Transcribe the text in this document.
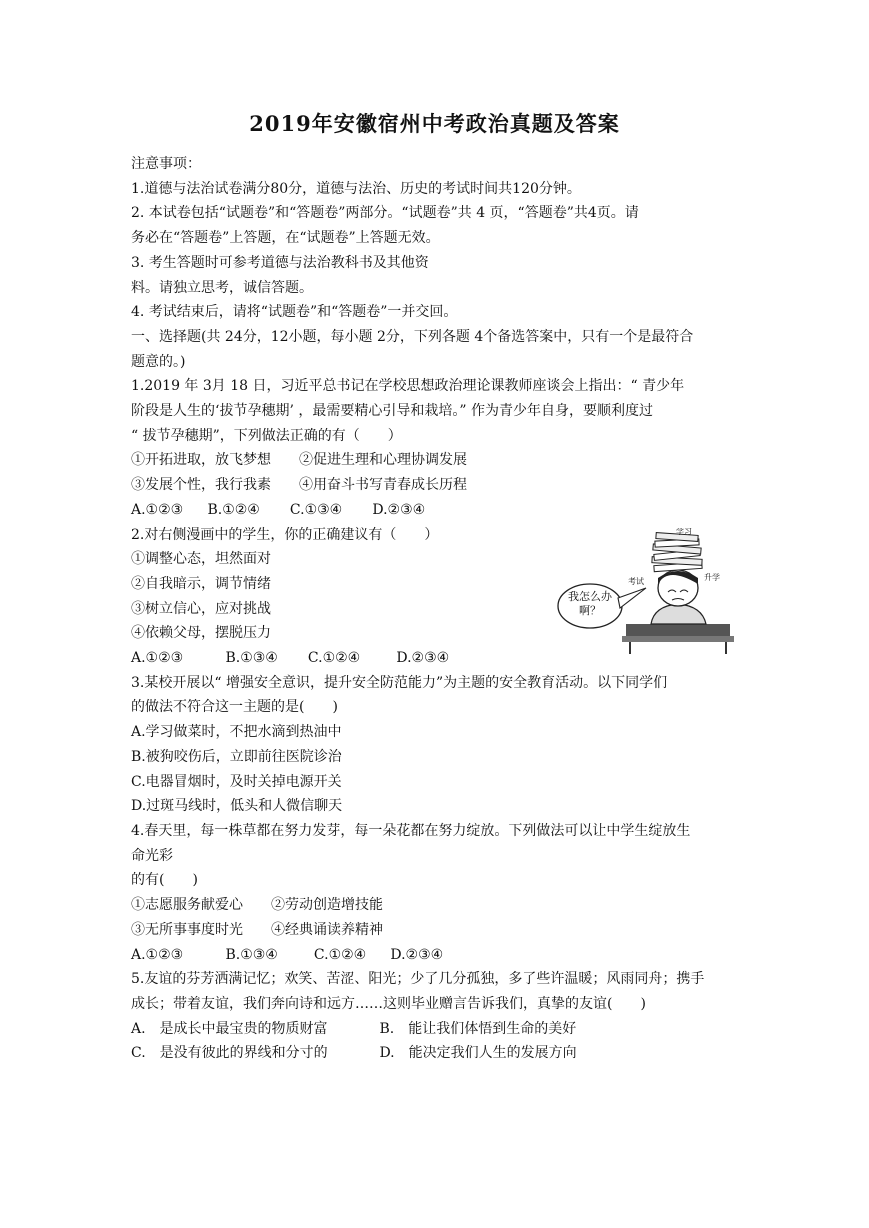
2019年安徽宿州中考政治真题及答案
注意事项：
1.道德与法治试卷满分80分，道德与法治、历史的考试时间共120分钟。
2. 本试卷包括“试题卷”和“答题卷”两部分。“试题卷”共 4 页，“答题卷”共4页。请
务必在“答题卷”上答题，在“试题卷”上答题无效。
3. 考生答题时可参考道德与法治教科书及其他资
料。请独立思考，诚信答题。
4. 考试结束后，请将“试题卷”和“答题卷”一并交回。
一、选择题(共 24分，12小题，每小题 2分，下列各题 4个备选答案中，只有一个是最符合
题意的。)
1.2019 年 3月 18 日，习近平总书记在学校思想政治理论课教师座谈会上指出：“ 青少年
阶段是人生的‘拔节孕穗期’ ，最需要精心引导和栽培。” 作为青少年自身，要顺利度过
“ 拔节孕穗期”，下列做法正确的有（　　）
①开拓进取，放飞梦想　　②促进生理和心理协调发展
③发展个性，我行我素　　④用奋斗书写青春成长历程
A.①②③ B.①②④ C.①③④ D.②③④
2.对右侧漫画中的学生，你的正确建议有（　　）
①调整心态，坦然面对
②自我暗示，调节情绪
③树立信心，应对挑战
④依赖父母，摆脱压力
A.①②③	B.①③④ C.①②④	D.②③④
3.某校开展以“ 增强安全意识，提升安全防范能力”为主题的安全教育活动。以下同学们
的做法不符合这一主题的是(　　)
A.学习做菜时，不把水滴到热油中
B.被狗咬伤后，立即前往医院诊治
C.电器冒烟时，及时关掉电源开关
D.过斑马线时，低头和人微信聊天
4.春天里，每一株草都在努力发芽，每一朵花都在努力绽放。下列做法可以让中学生绽放生
命光彩
的有(　　)
①志愿服务献爱心　　②劳动创造增技能
③无所事事度时光　　④经典诵读养精神
A.①②③	B.①③④	C.①②④ D.②③④
5.友谊的芬芳洒满记忆；欢笑、苦涩、阳光；少了几分孤独，多了些许温暖；风雨同舟；携手
成长；带着友谊，我们奔向诗和远方……这则毕业赠言告诉我们，真挚的友谊(　　)
A.　是成长中最宝贵的物质财富	B.　能让我们体悟到生命的美好
C.　是没有彼此的界线和分寸的	D.　能决定我们人生的发展方向
学习
考试	升学
我怎么办啊？
